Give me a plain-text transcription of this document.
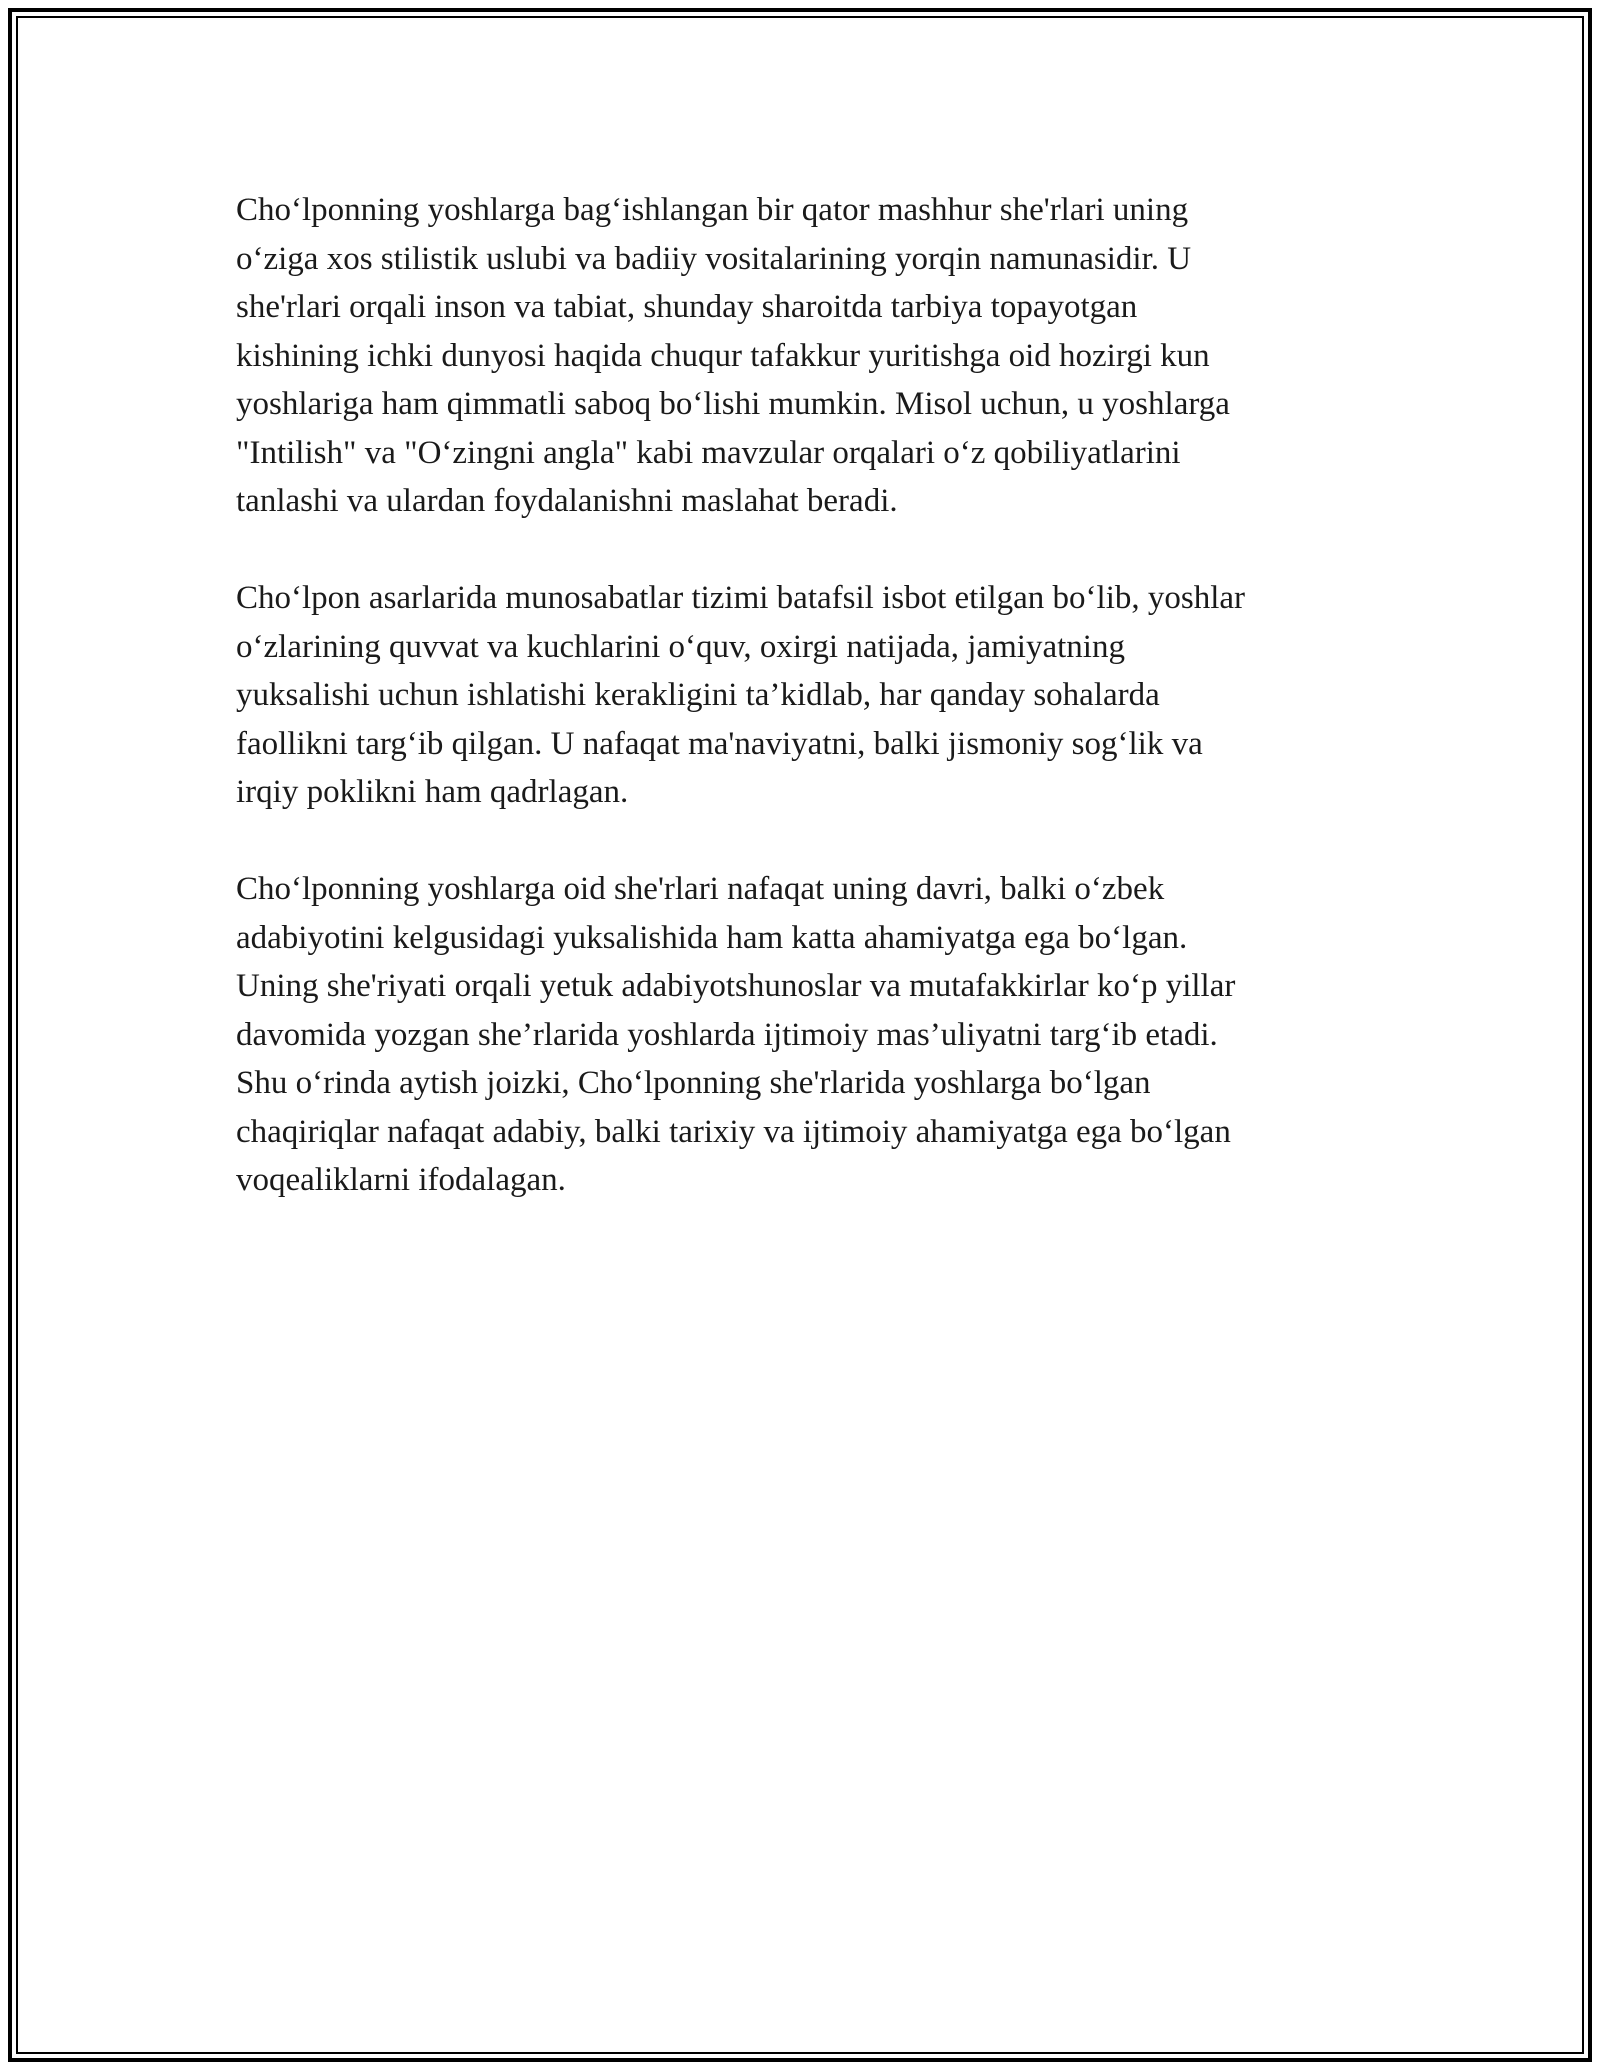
Cho‘lponning yoshlarga bag‘ishlangan bir qator mashhur she'rlari uning
o‘ziga xos stilistik uslubi va badiiy vositalarining yorqin namunasidir. U
she'rlari orqali inson va tabiat, shunday sharoitda tarbiya topayotgan
kishining ichki dunyosi haqida chuqur tafakkur yuritishga oid hozirgi kun
yoshlariga ham qimmatli saboq bo‘lishi mumkin. Misol uchun, u yoshlarga
"Intilish" va "O‘zingni angla" kabi mavzular orqalari o‘z qobiliyatlarini
tanlashi va ulardan foydalanishni maslahat beradi.

Cho‘lpon asarlarida munosabatlar tizimi batafsil isbot etilgan bo‘lib, yoshlar
o‘zlarining quvvat va kuchlarini o‘quv, oxirgi natijada, jamiyatning
yuksalishi uchun ishlatishi kerakligini ta’kidlab, har qanday sohalarda
faollikni targ‘ib qilgan. U nafaqat ma'naviyatni, balki jismoniy sog‘lik va
irqiy poklikni ham qadrlagan.

Cho‘lponning yoshlarga oid she'rlari nafaqat uning davri, balki o‘zbek
adabiyotini kelgusidagi yuksalishida ham katta ahamiyatga ega bo‘lgan.
Uning she'riyati orqali yetuk adabiyotshunoslar va mutafakkirlar ko‘p yillar
davomida yozgan she’rlarida yoshlarda ijtimoiy mas’uliyatni targ‘ib etadi.
Shu o‘rinda aytish joizki, Cho‘lponning she'rlarida yoshlarga bo‘lgan
chaqiriqlar nafaqat adabiy, balki tarixiy va ijtimoiy ahamiyatga ega bo‘lgan
voqealiklarni ifodalagan.
